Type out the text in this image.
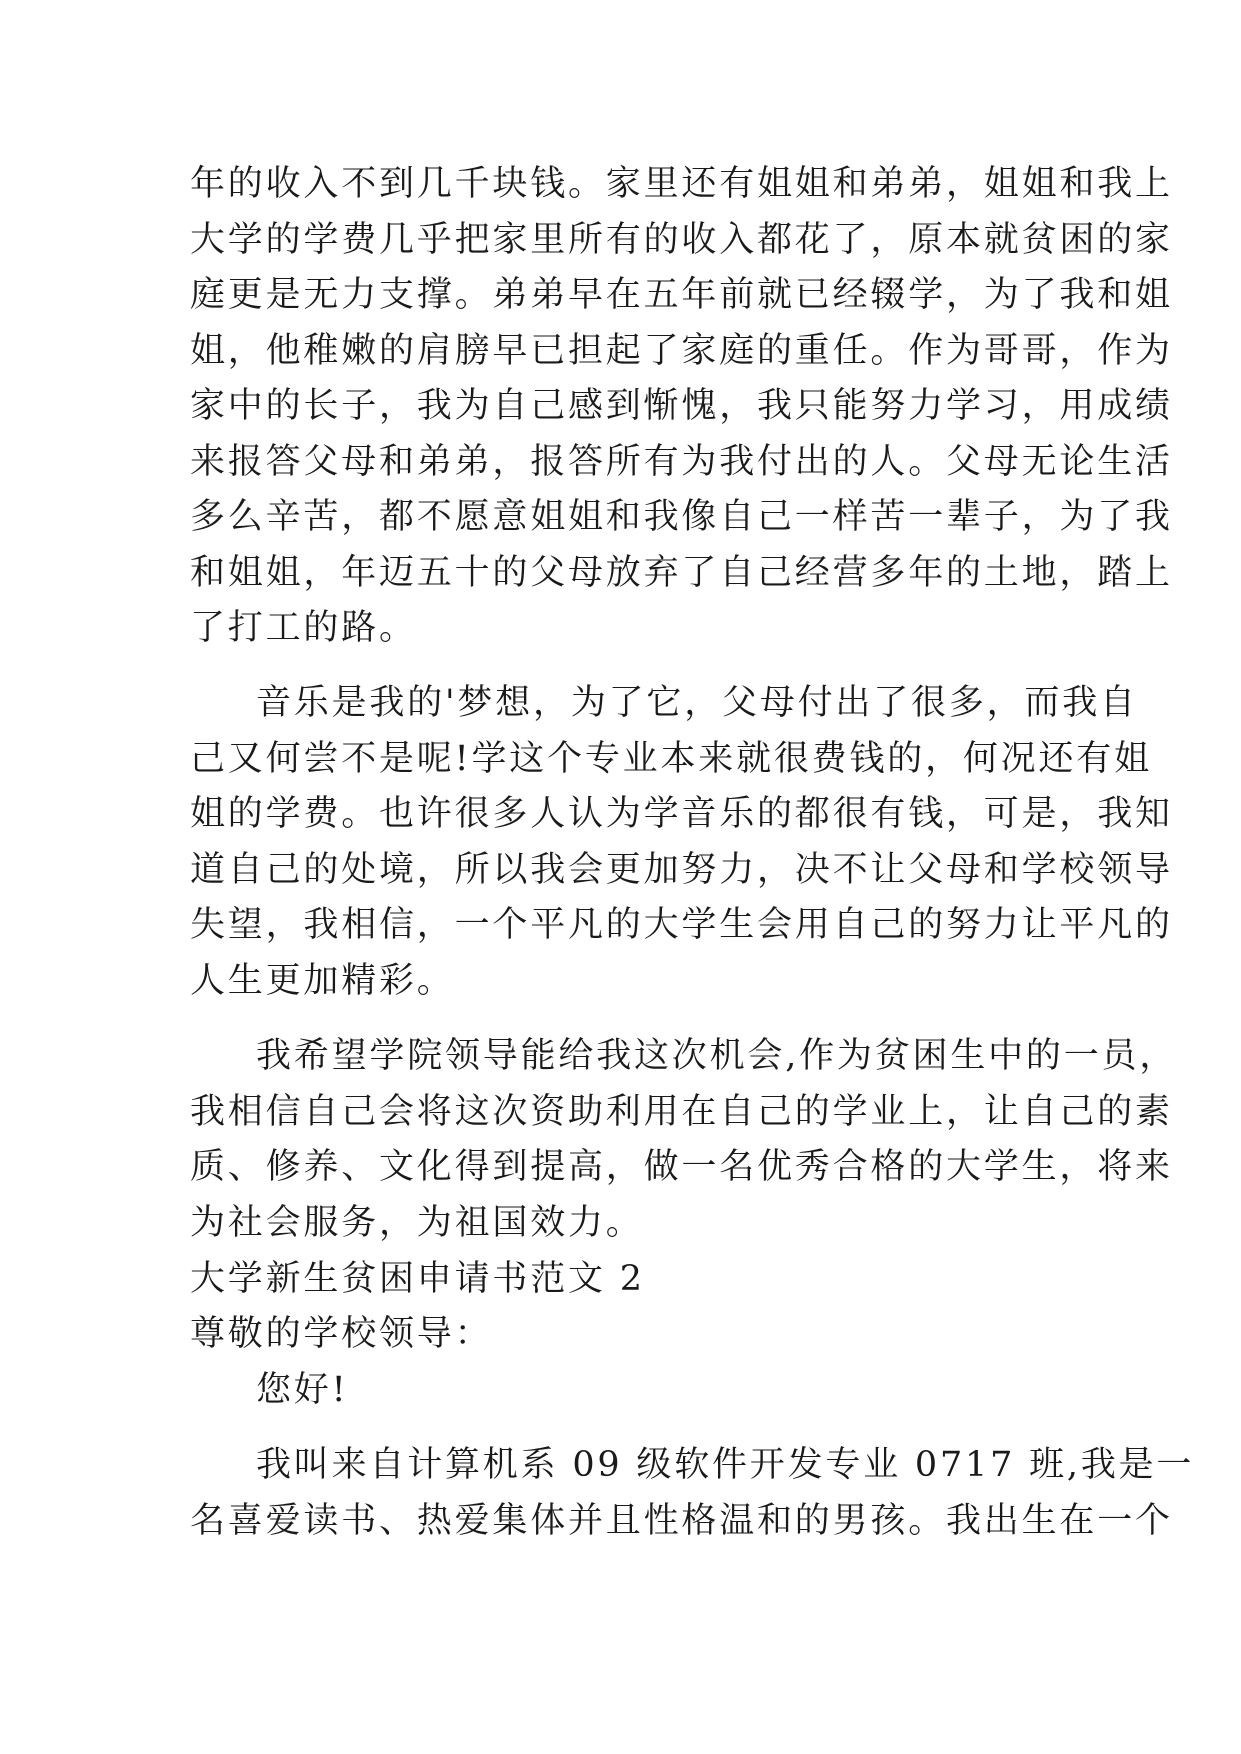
年的收入不到几千块钱。家里还有姐姐和弟弟，姐姐和我上
大学的学费几乎把家里所有的收入都花了，原本就贫困的家
庭更是无力支撑。弟弟早在五年前就已经辍学，为了我和姐
姐，他稚嫩的肩膀早已担起了家庭的重任。作为哥哥，作为
家中的长子，我为自己感到惭愧，我只能努力学习，用成绩
来报答父母和弟弟，报答所有为我付出的人。父母无论生活
多么辛苦，都不愿意姐姐和我像自己一样苦一辈子，为了我
和姐姐，年迈五十的父母放弃了自己经营多年的土地，踏上
了打工的路。
音乐是我的'梦想，为了它，父母付出了很多，而我自
己又何尝不是呢!学这个专业本来就很费钱的，何况还有姐
姐的学费。也许很多人认为学音乐的都很有钱，可是，我知
道自己的处境，所以我会更加努力，决不让父母和学校领导
失望，我相信，一个平凡的大学生会用自己的努力让平凡的
人生更加精彩。
我希望学院领导能给我这次机会,作为贫困生中的一员，
我相信自己会将这次资助利用在自己的学业上，让自己的素
质、修养、文化得到提高，做一名优秀合格的大学生，将来
为社会服务，为祖国效力。
大学新生贫困申请书范文 2
尊敬的学校领导：
您好!
我叫来自计算机系 09 级软件开发专业 0717 班,我是一
名喜爱读书、热爱集体并且性格温和的男孩。我出生在一个
